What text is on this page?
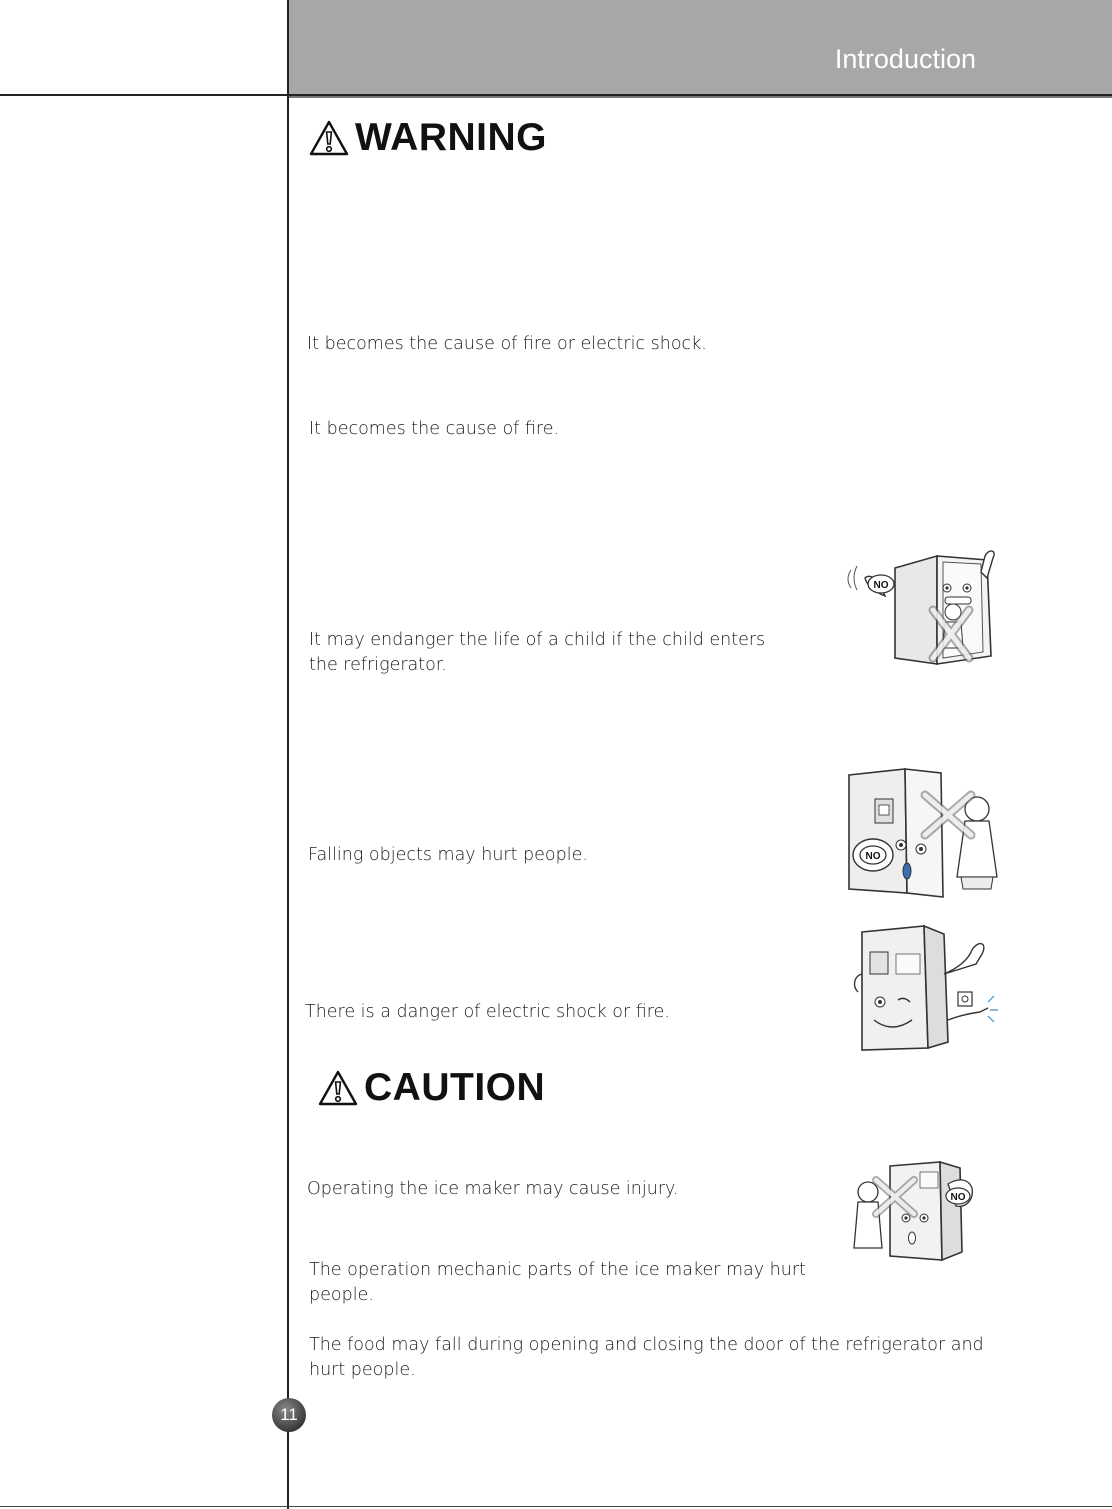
Introduction
WARNING
It becomes the cause of fire or electric shock.
It becomes the cause of fire.
It may endanger the life of a child if the child enters the refrigerator.
Falling objects may hurt people.
There is a danger of electric shock or fire.
NO
NO
CAUTION
Operating the ice maker may cause injury.
The operation mechanic parts of the ice maker may hurt people.
The food may fall during opening and closing the door of the refrigerator and hurt people.
NO
11
